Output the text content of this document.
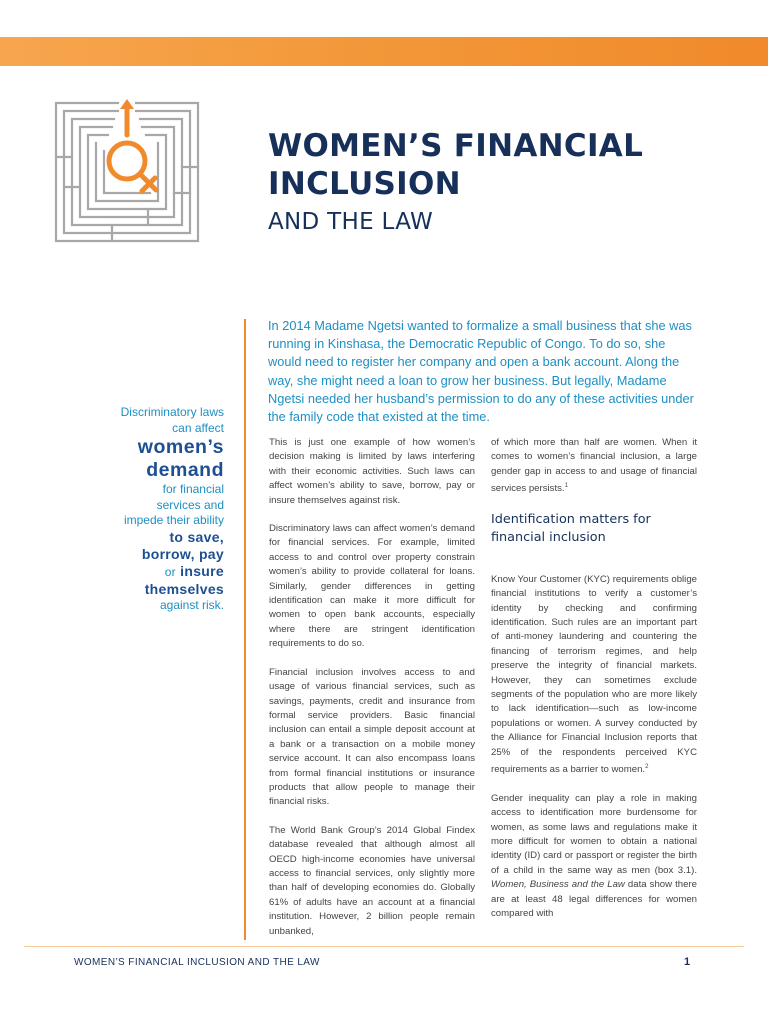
WOMEN’S FINANCIAL
INCLUSION
AND THE LAW

In 2014 Madame Ngetsi wanted to formalize a small business that she was running in Kinshasa, the Democratic Republic of Congo. To do so, she would need to register her company and open a bank account. Along the way, she might need a loan to grow her business. But legally, Madame Ngetsi needed her husband’s permission to do any of these activities under the family code that existed at the time.

Discriminatory laws
can affect
women’s
demand
for financial
services and
impede their ability
to save,
borrow, pay
or insure
themselves
against risk.

This is just one example of how women’s decision making is limited by laws interfering with their economic activities. Such laws can affect women’s ability to save, borrow, pay or insure themselves against risk.

Discriminatory laws can affect women’s demand for financial services. For example, limited access to and control over property constrain women’s ability to provide collateral for loans. Similarly, gender differences in getting identification can make it more difficult for women to open bank accounts, especially where there are stringent identification requirements to do so.

Financial inclusion involves access to and usage of various financial services, such as savings, payments, credit and insurance from formal service providers. Basic financial inclusion can entail a simple deposit account at a bank or a transaction on a mobile money service account. It can also encompass loans from formal financial institutions or insurance products that allow people to manage their financial risks.

The World Bank Group’s 2014 Global Findex database revealed that although almost all OECD high-income economies have universal access to financial services, only slightly more than half of developing economies do. Globally 61% of adults have an account at a financial institution. However, 2 billion people remain unbanked,

of which more than half are women. When it comes to women’s financial inclusion, a large gender gap in access to and usage of financial services persists.$^1$

Identification matters for financial inclusion

Know Your Customer (KYC) requirements oblige financial institutions to verify a customer’s identity by checking and confirming identification. Such rules are an important part of anti-money laundering and countering the financing of terrorism regimes, and help preserve the integrity of financial markets. However, they can sometimes exclude segments of the population who are more likely to lack identification—such as low-income populations or women. A survey conducted by the Alliance for Financial Inclusion reports that 25% of the respondents perceived KYC requirements as a barrier to women.$^2$

Gender inequality can play a role in making access to identification more burdensome for women, as some laws and regulations make it more difficult for women to obtain a national identity (ID) card or passport or register the birth of a child in the same way as men (box 3.1). Women, Business and the Law data show there are at least 48 legal differences for women compared with

WOMEN’S FINANCIAL INCLUSION AND THE LAW	1
